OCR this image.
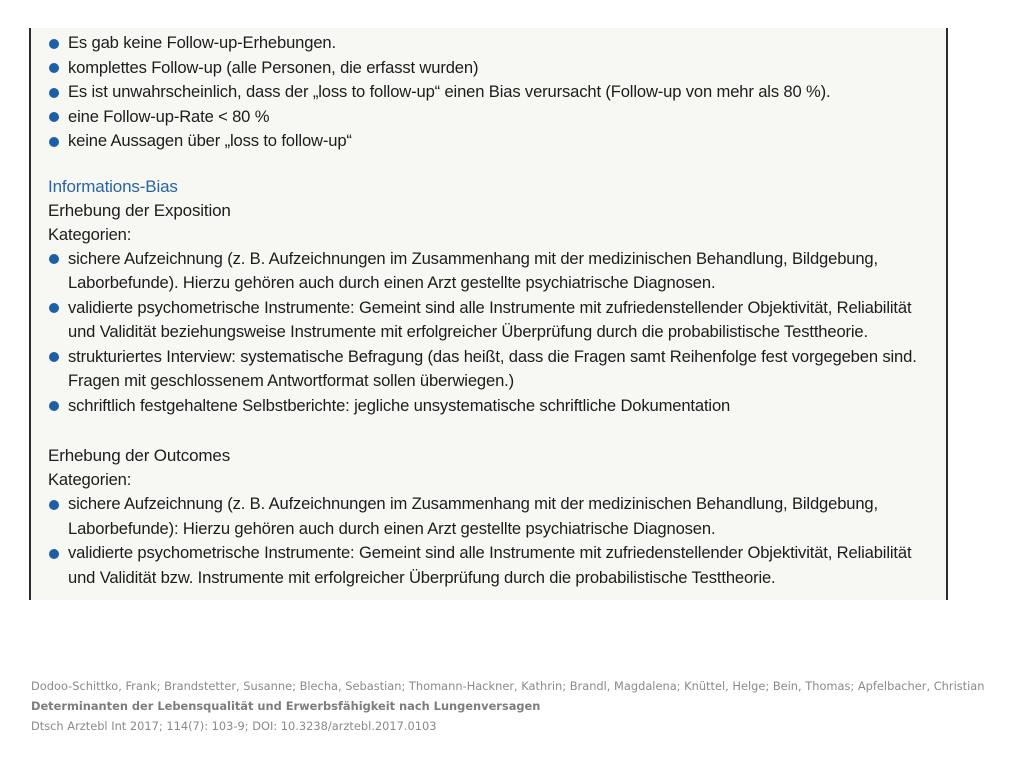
Es gab keine Follow-up-Erhebungen.
komplettes Follow-up (alle Personen, die erfasst wurden)
Es ist unwahrscheinlich, dass der „loss to follow-up“ einen Bias verursacht (Follow-up von mehr als 80 %).
eine Follow-up-Rate < 80 %
keine Aussagen über „loss to follow-up“
Informations-Bias
Erhebung der Exposition
Kategorien:
sichere Aufzeichnung (z. B. Aufzeichnungen im Zusammenhang mit der medizinischen Behandlung, Bildgebung, Laborbefunde). Hierzu gehören auch durch einen Arzt gestellte psychiatrische Diagnosen.
validierte psychometrische Instrumente: Gemeint sind alle Instrumente mit zufriedenstellender Objektivität, Reliabilität und Validität beziehungsweise Instrumente mit erfolgreicher Überprüfung durch die probabilistische Testtheorie.
strukturiertes Interview: systematische Befragung (das heißt, dass die Fragen samt Reihenfolge fest vorgegeben sind. Fragen mit geschlossenem Antwortformat sollen überwiegen.)
schriftlich festgehaltene Selbstberichte: jegliche unsystematische schriftliche Dokumentation
Erhebung der Outcomes
Kategorien:
sichere Aufzeichnung (z. B. Aufzeichnungen im Zusammenhang mit der medizinischen Behandlung, Bildgebung, Laborbefunde): Hierzu gehören auch durch einen Arzt gestellte psychiatrische Diagnosen.
validierte psychometrische Instrumente: Gemeint sind alle Instrumente mit zufriedenstellender Objektivität, Reliabilität und Validität bzw. Instrumente mit erfolgreicher Überprüfung durch die probabilistische Testtheorie.
Dodoo-Schittko, Frank; Brandstetter, Susanne; Blecha, Sebastian; Thomann-Hackner, Kathrin; Brandl, Magdalena; Knüttel, Helge; Bein, Thomas; Apfelbacher, Christian
Determinanten der Lebensqualität und Erwerbsfähigkeit nach Lungenversagen
Dtsch Arztebl Int 2017; 114(7): 103-9; DOI: 10.3238/arztebl.2017.0103
